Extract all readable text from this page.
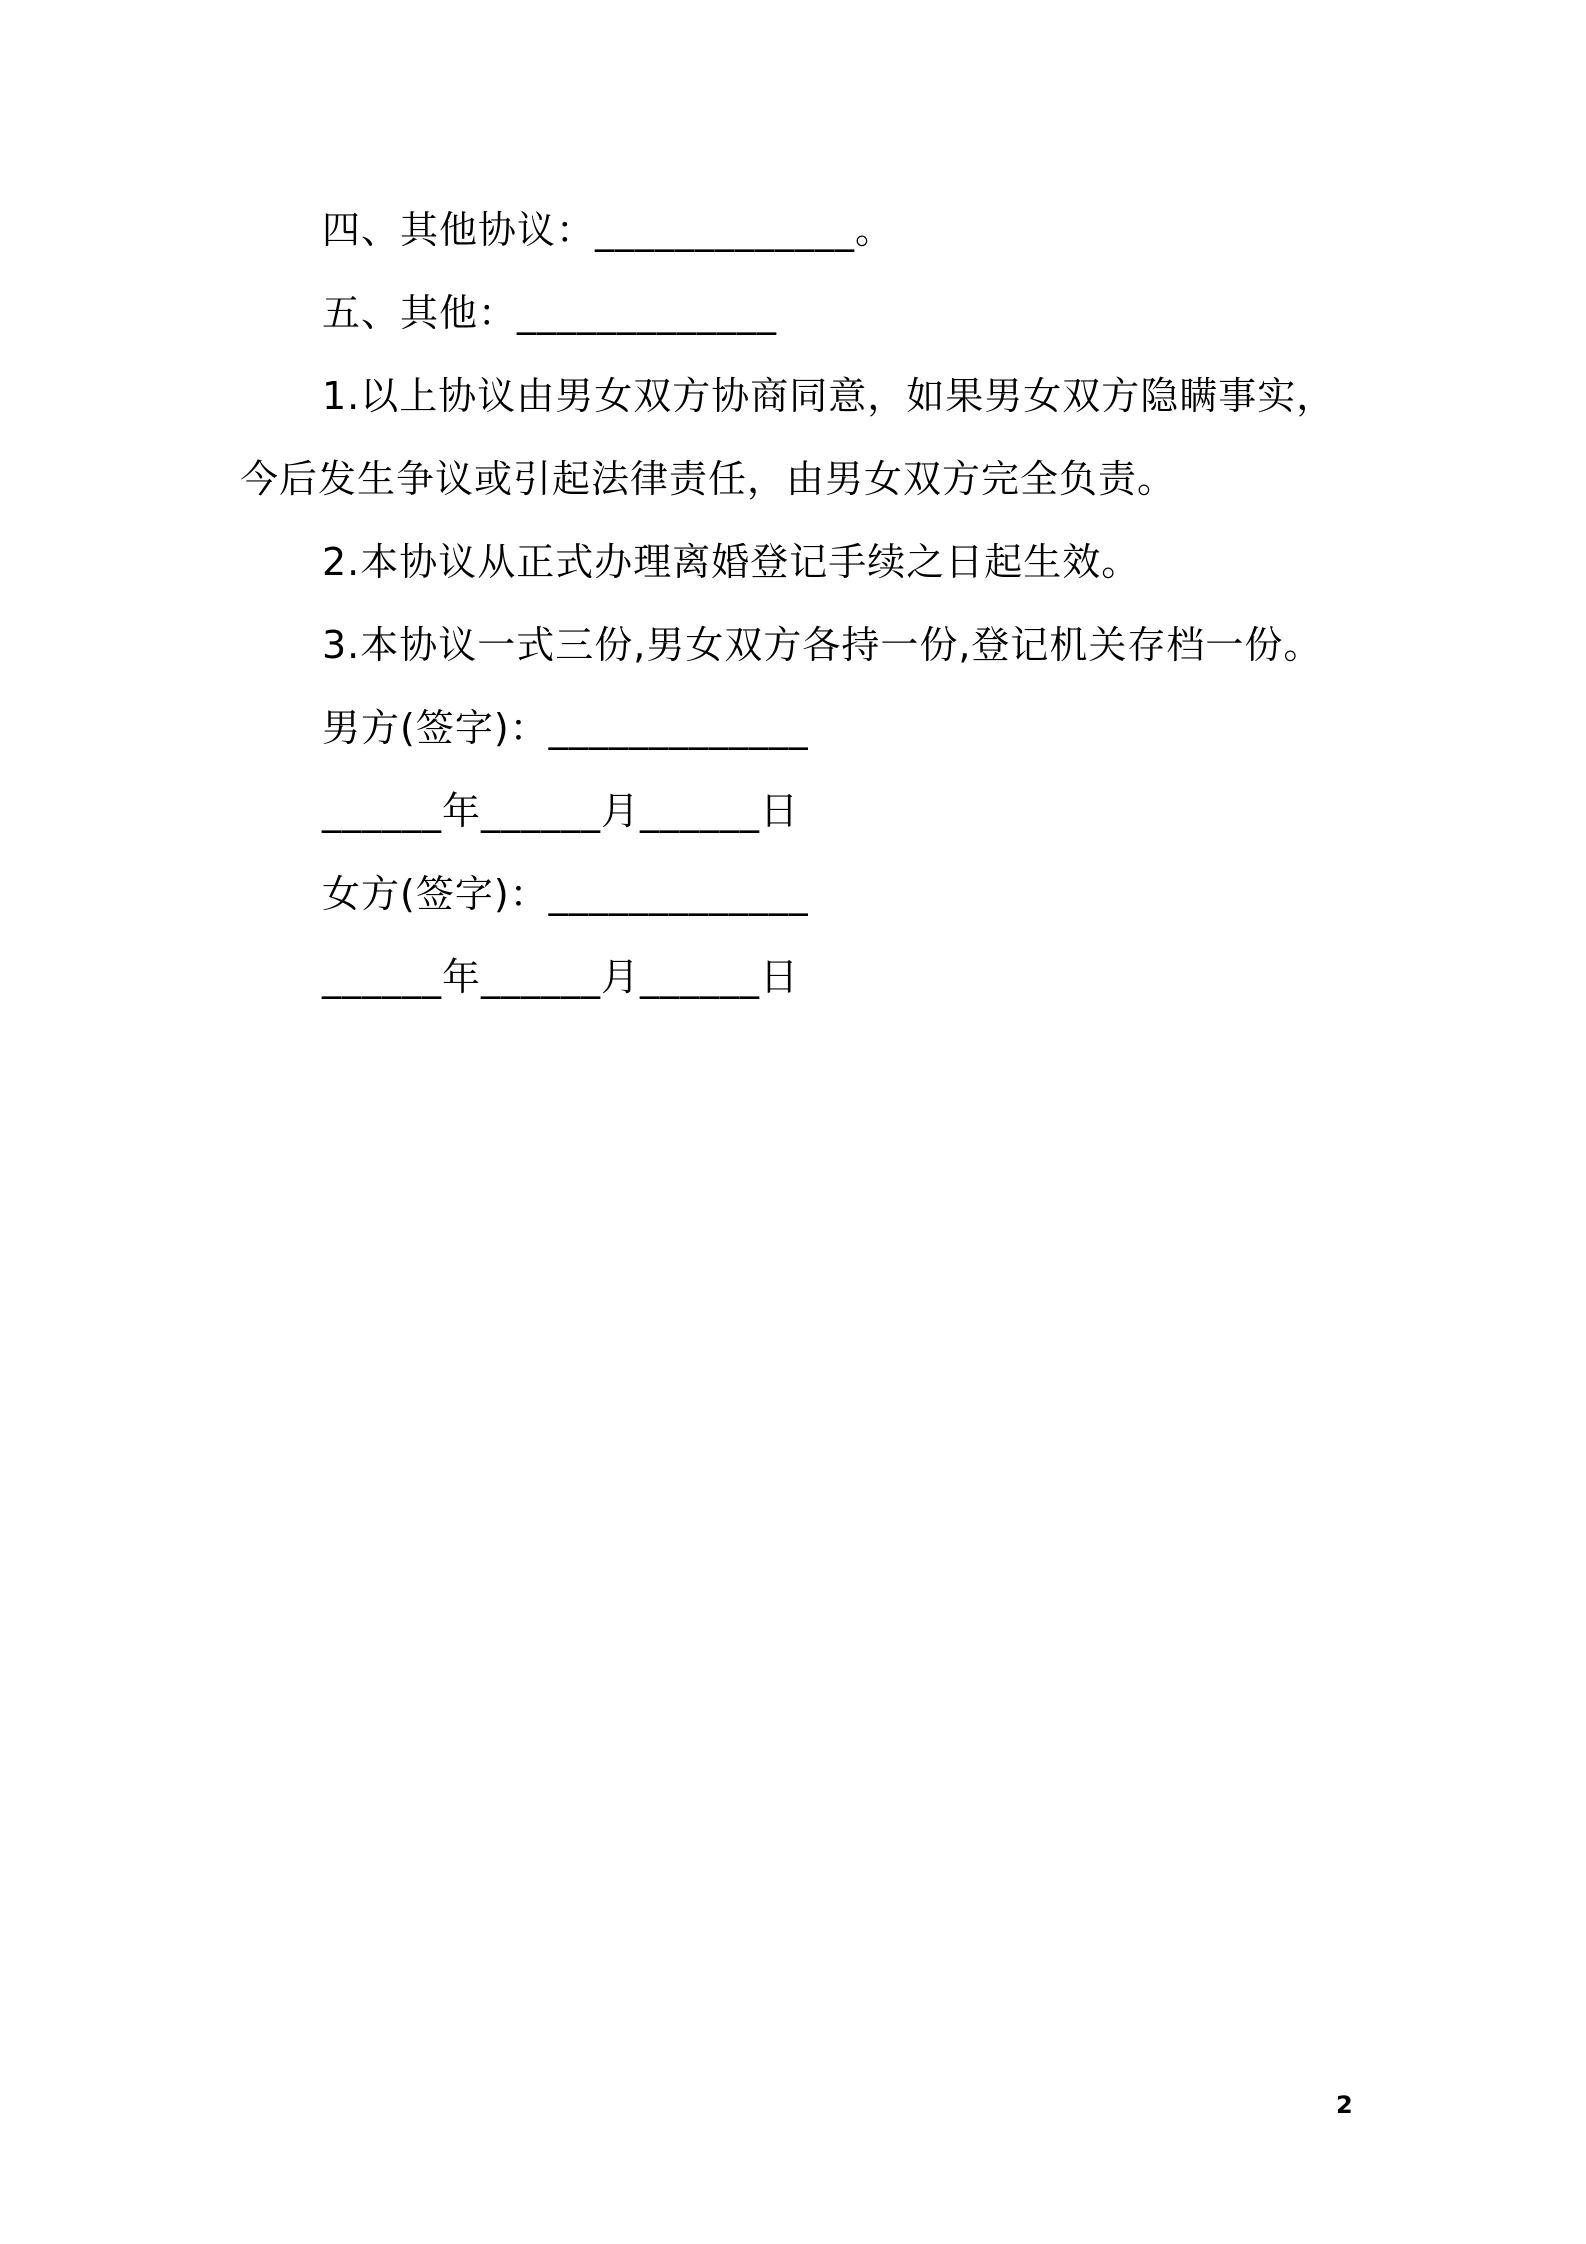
四、其他协议：_____________。
五、其他：_____________
1.以上协议由男女双方协商同意，如果男女双方隐瞒事实，
今后发生争议或引起法律责任，由男女双方完全负责。
2.本协议从正式办理离婚登记手续之日起生效。
3.本协议一式三份,男女双方各持一份,登记机关存档一份。
男方(签字)：_____________
______年______月______日
女方(签字)：_____________
______年______月______日
2
